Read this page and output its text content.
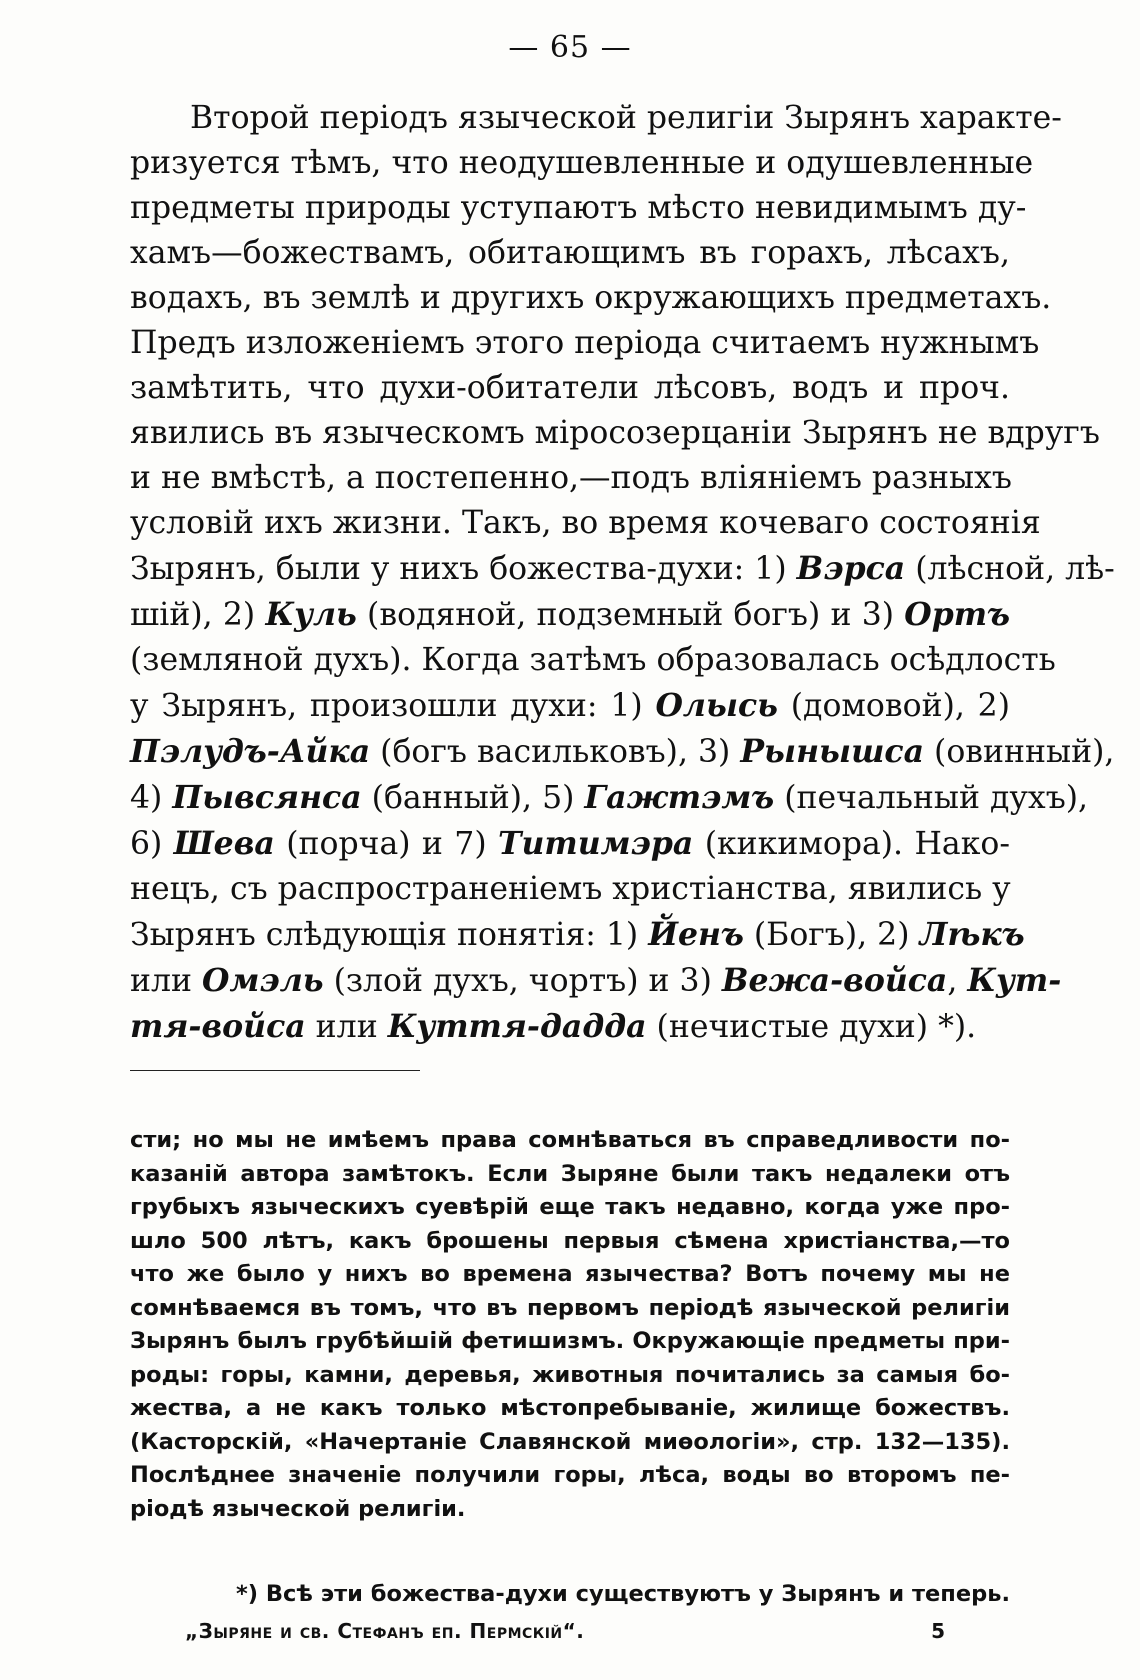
— 65 —
Второй періодъ языческой религіи Зырянъ характе-
ризуется тѣмъ, что неодушевленные и одушевленные
предметы природы уступаютъ мѣсто невидимымъ ду-
хамъ—божествамъ, обитающимъ въ горахъ, лѣсахъ,
водахъ, въ землѣ и другихъ окружающихъ предметахъ.
Предъ изложеніемъ этого періода считаемъ нужнымъ
замѣтить, что духи-обитатели лѣсовъ, водъ и проч.
явились въ языческомъ міросозерцаніи Зырянъ не вдругъ
и не вмѣстѣ, а постепенно,—подъ вліяніемъ разныхъ
условій ихъ жизни. Такъ, во время кочеваго состоянія
Зырянъ, были у нихъ божества-духи: 1) Вэрса (лѣсной, лѣ-
шій), 2) Куль (водяной, подземный богъ) и 3) Ортъ
(земляной духъ). Когда затѣмъ образовалась осѣдлость
у Зырянъ, произошли духи: 1) Олысь (домовой), 2)
Пэлудъ-Айка (богъ васильковъ), 3) Рынышса (овинный),
4) Пывсянса (банный), 5) Гажтэмъ (печальный духъ),
6) Шева (порча) и 7) Титимэра (кикимора). Нако-
нецъ, съ распространеніемъ христіанства, явились у
Зырянъ слѣдующія понятія: 1) Йенъ (Богъ), 2) Лѣкъ
или Омэль (злой духъ, чортъ) и 3) Вежа-войса, Кут-
тя-войса или Куття-дадда (нечистые духи) *).
сти; но мы не имѣемъ права сомнѣваться въ справедливости по-
казаній автора замѣтокъ. Если Зыряне были такъ недалеки отъ
грубыхъ языческихъ суевѣрій еще такъ недавно, когда уже про-
шло 500 лѣтъ, какъ брошены первыя сѣмена христіанства,—то
что же было у нихъ во времена язычества? Вотъ почему мы не
сомнѣваемся въ томъ, что въ первомъ періодѣ языческой религіи
Зырянъ былъ грубѣйшій фетишизмъ. Окружающіе предметы при-
роды: горы, камни, деревья, животныя почитались за самыя бо-
жества, а не какъ только мѣстопребываніе, жилище божествъ.
(Касторскій, «Начертаніе Славянской миѳологіи», стр. 132—135).
Послѣднее значеніе получили горы, лѣса, воды во второмъ пе-
ріодѣ языческой религіи.
*) Всѣ эти божества-духи существуютъ у Зырянъ и теперь.
„Зыряне и св. Стефанъ еп. Пермскій“.	5
